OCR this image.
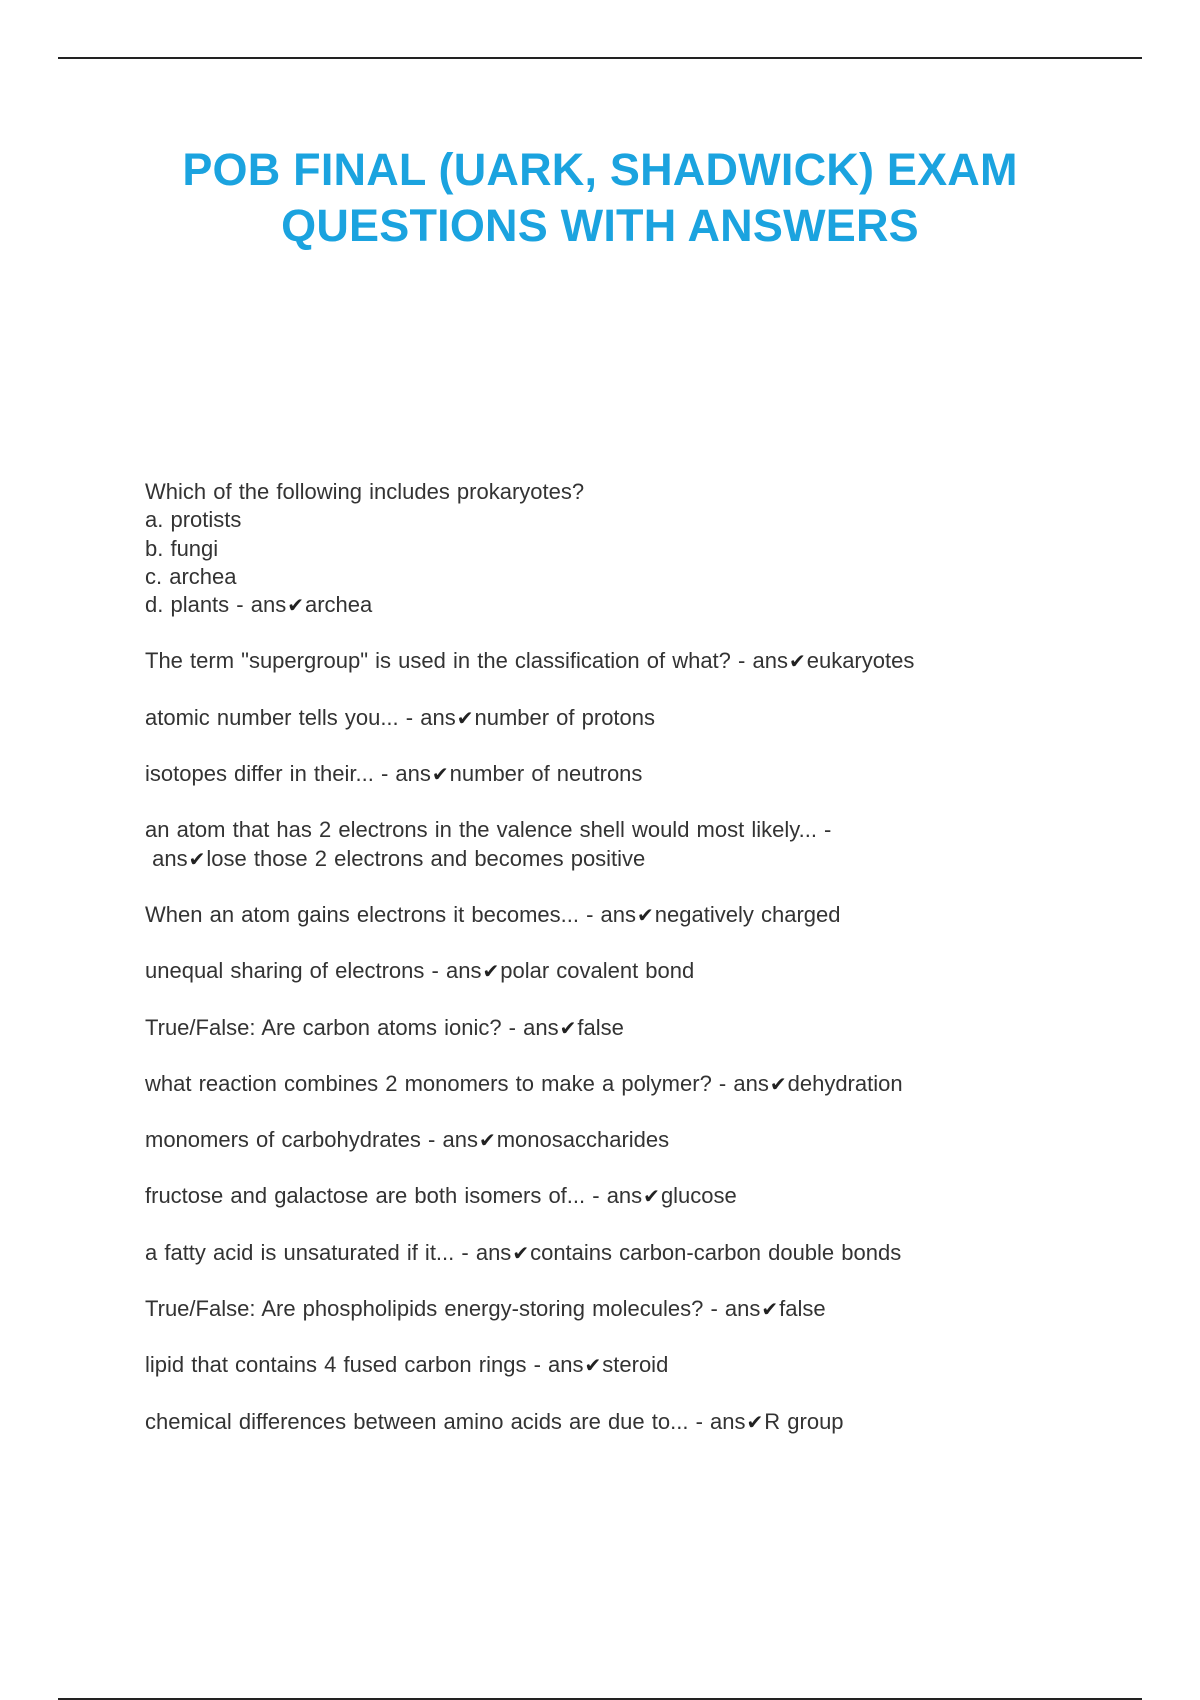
POB FINAL (UARK, SHADWICK) EXAM
QUESTIONS WITH ANSWERS
Which of the following includes prokaryotes?
a. protists
b. fungi
c. archea
d. plants - ans✔archea
The term "supergroup" is used in the classification of what? - ans✔eukaryotes
atomic number tells you... - ans✔number of protons
isotopes differ in their... - ans✔number of neutrons
an atom that has 2 electrons in the valence shell would most likely... -
ans✔lose those 2 electrons and becomes positive
When an atom gains electrons it becomes... - ans✔negatively charged
unequal sharing of electrons - ans✔polar covalent bond
True/False: Are carbon atoms ionic? - ans✔false
what reaction combines 2 monomers to make a polymer? - ans✔dehydration
monomers of carbohydrates - ans✔monosaccharides
fructose and galactose are both isomers of... - ans✔glucose
a fatty acid is unsaturated if it... - ans✔contains carbon-carbon double bonds
True/False: Are phospholipids energy-storing molecules? - ans✔false
lipid that contains 4 fused carbon rings - ans✔steroid
chemical differences between amino acids are due to... - ans✔R group
